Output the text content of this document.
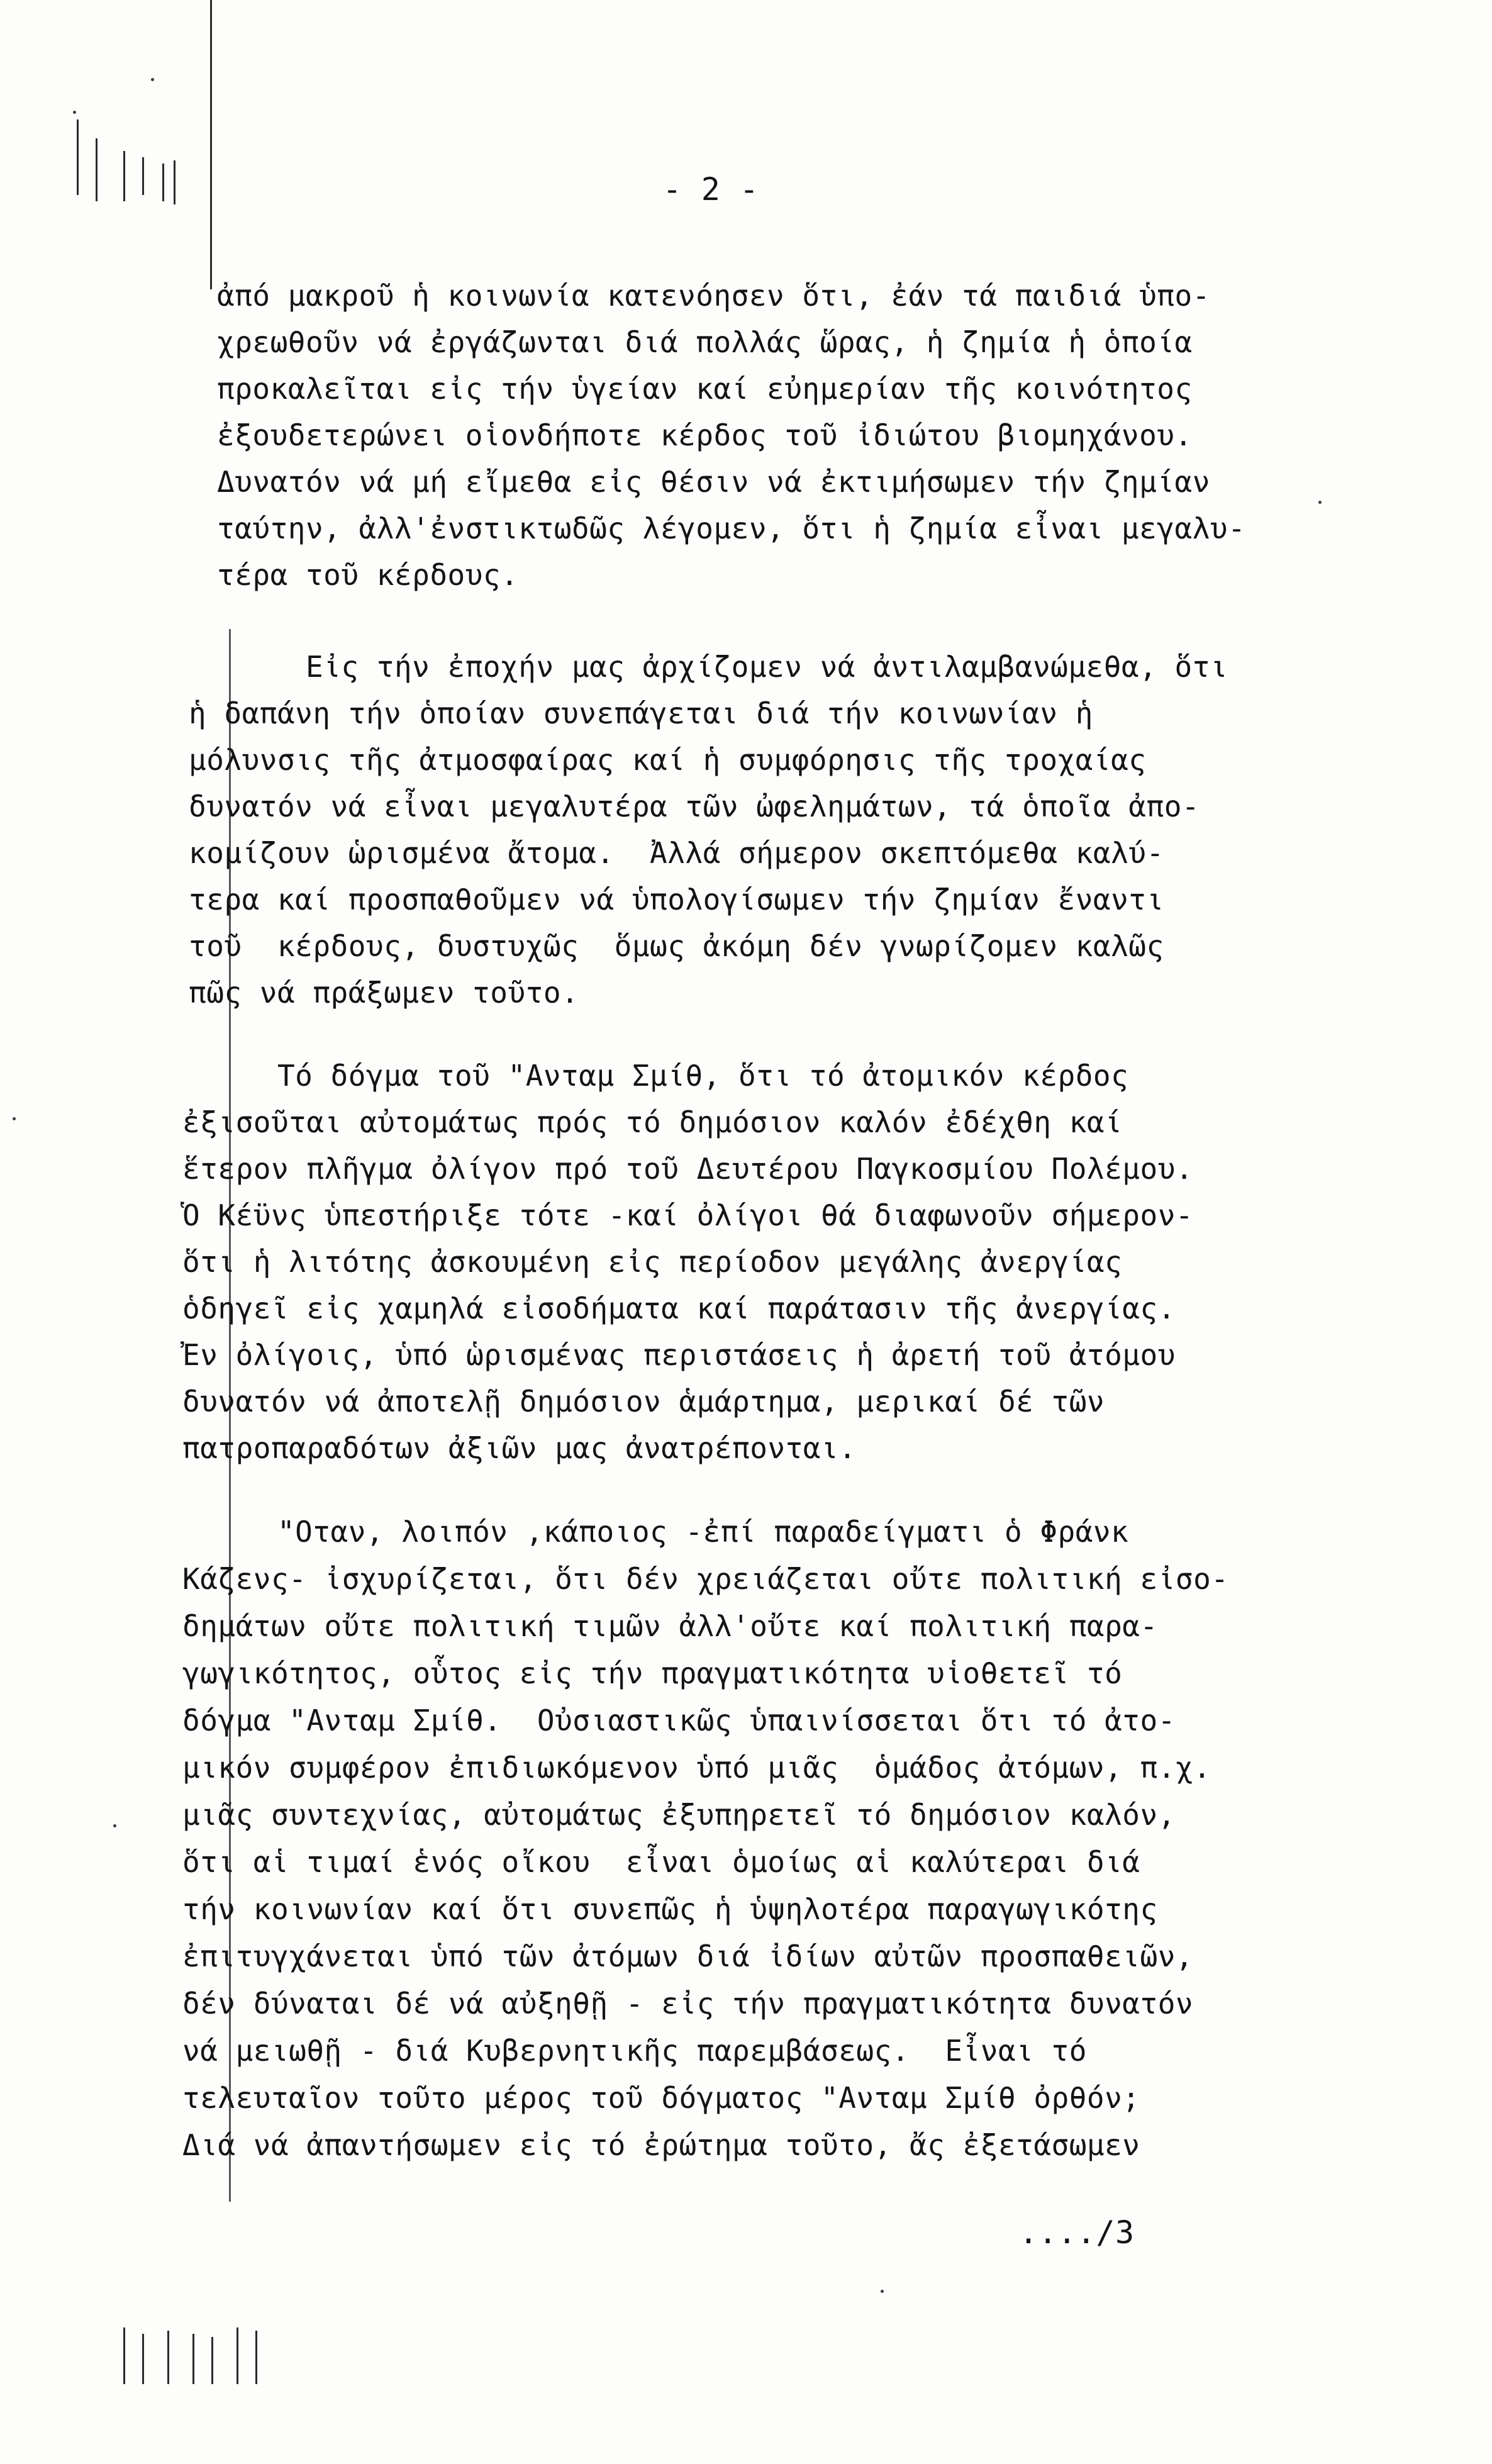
- 2 -
ἀπό μακροῦ ἡ κοινωνία κατενόησεν ὅτι, ἐάν τά παιδιά ὑπο-
χρεωθοῦν νά ἐργάζωνται διά πολλάς ὥρας, ἡ ζημία ἡ ὁποία
προκαλεῖται εἰς τήν ὑγείαν καί εὐημερίαν τῆς κοινότητος
ἐξουδετερώνει οἱονδήποτε κέρδος τοῦ ἰδιώτου βιομηχάνου.
Δυνατόν νά μή εἴμεθα εἰς θέσιν νά ἐκτιμήσωμεν τήν ζημίαν
ταύτην, ἀλλ'ἐνστικτωδῶς λέγομεν, ὅτι ἡ ζημία εἶναι μεγαλυ-
τέρα τοῦ κέρδους.
Εἰς τήν ἐποχήν μας ἀρχίζομεν νά ἀντιλαμβανώμεθα, ὅτι
ἡ δαπάνη τήν ὁποίαν συνεπάγεται διά τήν κοινωνίαν ἡ
μόλυνσις τῆς ἀτμοσφαίρας καί ἡ συμφόρησις τῆς τροχαίας
δυνατόν νά εἶναι μεγαλυτέρα τῶν ὠφελημάτων, τά ὁποῖα ἀπο-
κομίζουν ὡρισμένα ἄτομα.  Ἀλλά σήμερον σκεπτόμεθα καλύ-
τερα καί προσπαθοῦμεν νά ὑπολογίσωμεν τήν ζημίαν ἔναντι
τοῦ  κέρδους, δυστυχῶς  ὅμως ἀκόμη δέν γνωρίζομεν καλῶς
πῶς νά πράξωμεν τοῦτο.
Τό δόγμα τοῦ "Ανταμ Σμίθ, ὅτι τό ἀτομικόν κέρδος
ἐξισοῦται αὐτομάτως πρός τό δημόσιον καλόν ἐδέχθη καί
ἕτερον πλῆγμα ὀλίγον πρό τοῦ Δευτέρου Παγκοσμίου Πολέμου.
Ὁ Κέϋνς ὑπεστήριξε τότε -καί ὀλίγοι θά διαφωνοῦν σήμερον-
ὅτι ἡ λιτότης ἀσκουμένη εἰς περίοδον μεγάλης ἀνεργίας
ὁδηγεῖ εἰς χαμηλά εἰσοδήματα καί παράτασιν τῆς ἀνεργίας.
Ἐν ὀλίγοις, ὑπό ὡρισμένας περιστάσεις ἡ ἀρετή τοῦ ἀτόμου
δυνατόν νά ἀποτελῇ δημόσιον ἁμάρτημα, μερικαί δέ τῶν
πατροπαραδότων ἀξιῶν μας ἀνατρέπονται.
"Οταν, λοιπόν ,κάποιος -ἐπί παραδείγματι ὁ Φράνκ
Κάζενς- ἰσχυρίζεται, ὅτι δέν χρειάζεται οὔτε πολιτική εἰσο-
δημάτων οὔτε πολιτική τιμῶν ἀλλ'οὔτε καί πολιτική παρα-
γωγικότητος, οὗτος εἰς τήν πραγματικότητα υἱοθετεῖ τό
δόγμα "Ανταμ Σμίθ.  Οὐσιαστικῶς ὑπαινίσσεται ὅτι τό ἀτο-
μικόν συμφέρον ἐπιδιωκόμενον ὑπό μιᾶς  ὁμάδος ἀτόμων, π.χ.
μιᾶς συντεχνίας, αὐτομάτως ἐξυπηρετεῖ τό δημόσιον καλόν,
ὅτι αἱ τιμαί ἑνός οἴκου  εἶναι ὁμοίως αἱ καλύτεραι διά
τήν κοινωνίαν καί ὅτι συνεπῶς ἡ ὑψηλοτέρα παραγωγικότης
ἐπιτυγχάνεται ὑπό τῶν ἀτόμων διά ἰδίων αὐτῶν προσπαθειῶν,
δέν δύναται δέ νά αὐξηθῇ - εἰς τήν πραγματικότητα δυνατόν
νά μειωθῇ - διά Κυβερνητικῆς παρεμβάσεως.  Εἶναι τό
τελευταῖον τοῦτο μέρος τοῦ δόγματος "Ανταμ Σμίθ ὀρθόν;
Διά νά ἀπαντήσωμεν εἰς τό ἐρώτημα τοῦτο, ἄς ἐξετάσωμεν
..../3
